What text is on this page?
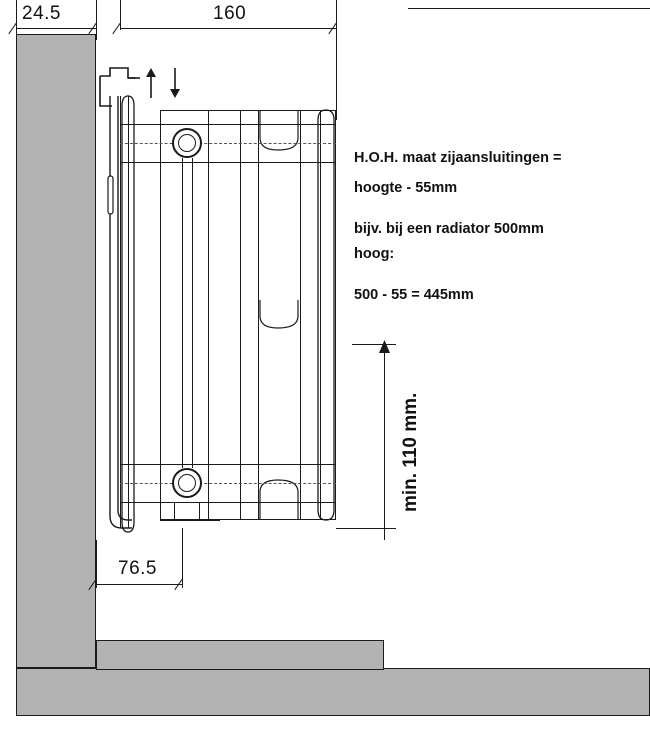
24.5	160
min. 110 mm.
76.5
H.O.H. maat zijaansluitingen =
hoogte - 55mm
bijv. bij een radiator 500mm
hoog:
500 - 55 = 445mm
